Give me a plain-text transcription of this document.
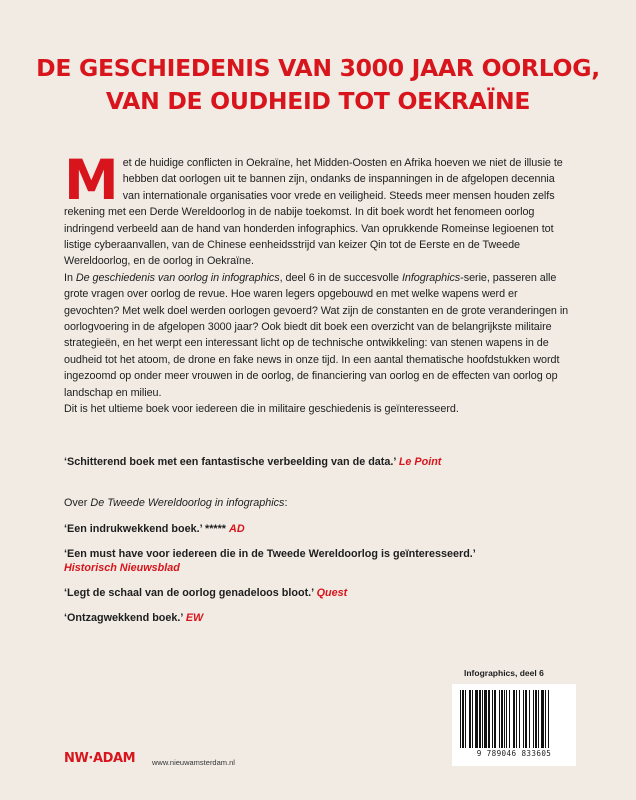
DE GESCHIEDENIS VAN 3000 JAAR OORLOG,
VAN DE OUDHEID TOT OEKRAÏNE

Met de huidige conflicten in Oekraïne, het Midden-Oosten en Afrika hoeven we niet de illusie te hebben dat oorlogen uit te bannen zijn, ondanks de inspanningen in de afgelopen decennia van internationale organisaties voor vrede en veiligheid. Steeds meer mensen houden zelfs rekening met een Derde Wereldoorlog in de nabije toekomst. In dit boek wordt het fenomeen oorlog indringend verbeeld aan de hand van honderden infographics. Van oprukkende Romeinse legioenen tot listige cyberaanvallen, van de Chinese eenheidsstrijd van keizer Qin tot de Eerste en de Tweede Wereldoorlog, en de oorlog in Oekraïne.

In De geschiedenis van oorlog in infographics, deel 6 in de succesvolle Infographics-serie, passeren alle grote vragen over oorlog de revue. Hoe waren legers opgebouwd en met welke wapens werd er gevochten? Met welk doel werden oorlogen gevoerd? Wat zijn de constanten en de grote veranderingen in oorlogvoering in de afgelopen 3000 jaar? Ook biedt dit boek een overzicht van de belangrijkste militaire strategieën, en het werpt een interessant licht op de technische ontwikkeling: van stenen wapens in de oudheid tot het atoom, de drone en fake news in onze tijd. In een aantal thematische hoofdstukken wordt ingezoomd op onder meer vrouwen in de oorlog, de financiering van oorlog en de effecten van oorlog op landschap en milieu.

Dit is het ultieme boek voor iedereen die in militaire geschiedenis is geïnteresseerd.

‘Schitterend boek met een fantastische verbeelding van de data.’ Le Point
Over De Tweede Wereldoorlog in infographics:
‘Een indrukwekkend boek.’ ***** AD
‘Een must have voor iedereen die in de Tweede Wereldoorlog is geïnteresseerd.’
Historisch Nieuwsblad
‘Legt de schaal van de oorlog genadeloos bloot.’ Quest
‘Ontzagwekkend boek.’ EW
Infographics, deel 6
9 789046 833605
NW·ADAM www.nieuwamsterdam.nl
